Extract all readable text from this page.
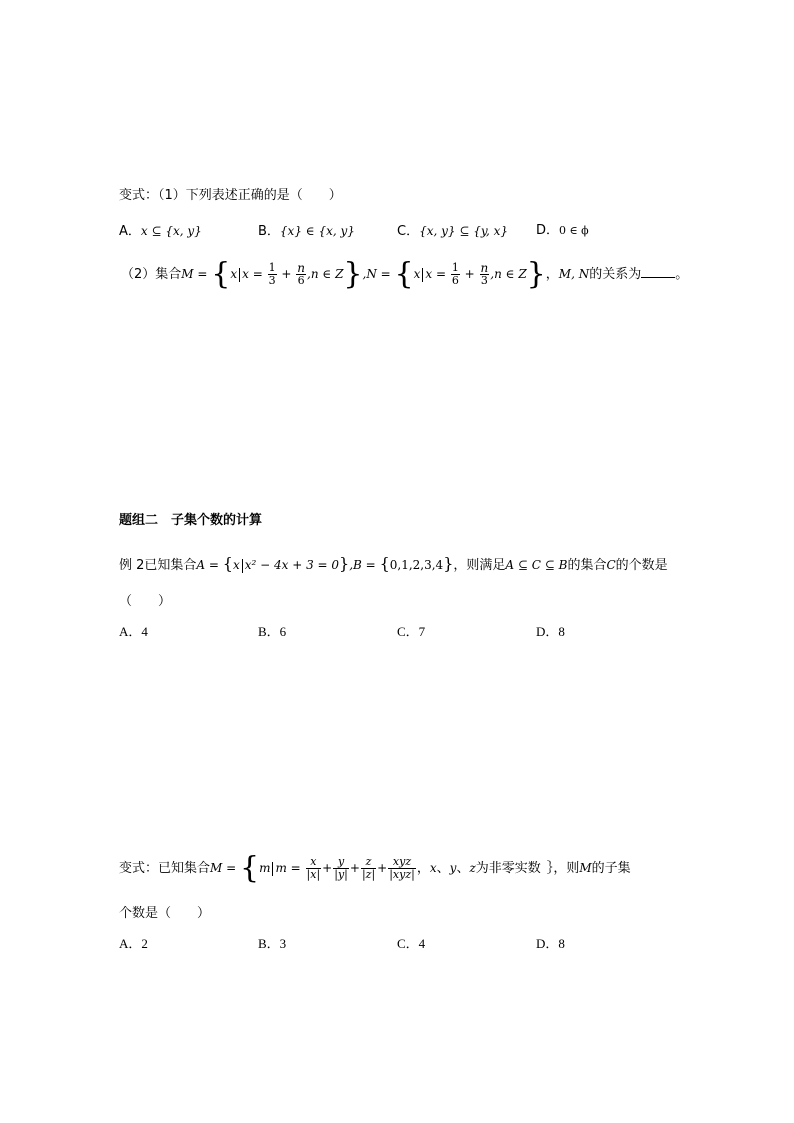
变式：（1）下列表述正确的是（　　）
A．x ⊆ {x, y}	B．{x} ∈ {x, y}	C．{x, y} ⊆ {y, x} D．0 ∈ ϕ
（2）集合M = {x $x = \frac{1}{3} + \frac{n}{6} ,n$ ∈ Z},N = {x $x = \frac{1}{6} + \frac{n}{3} ,n$ ∈ Z}，M, N的关系为	。
题组二　子集个数的计算
例 2已知集合A = {x x² − 4x + 3 = 0},B = {0,1,2,3,4}，则满足A ⊆ C ⊆ B的集合C的个数是
（　　）
A．4	B．6	C．7	D．8
变式：已知集合M = {m $m = \frac{x}{|x|} + \frac{y}{|y|} + \frac{z}{|z|} + \frac{\text{xyz}}{\text{|xyz|}}$ ，x、y、z为非零实数 ｝，则M的子集
个数是（　　）
A．2	B．3	C．4	D．8
